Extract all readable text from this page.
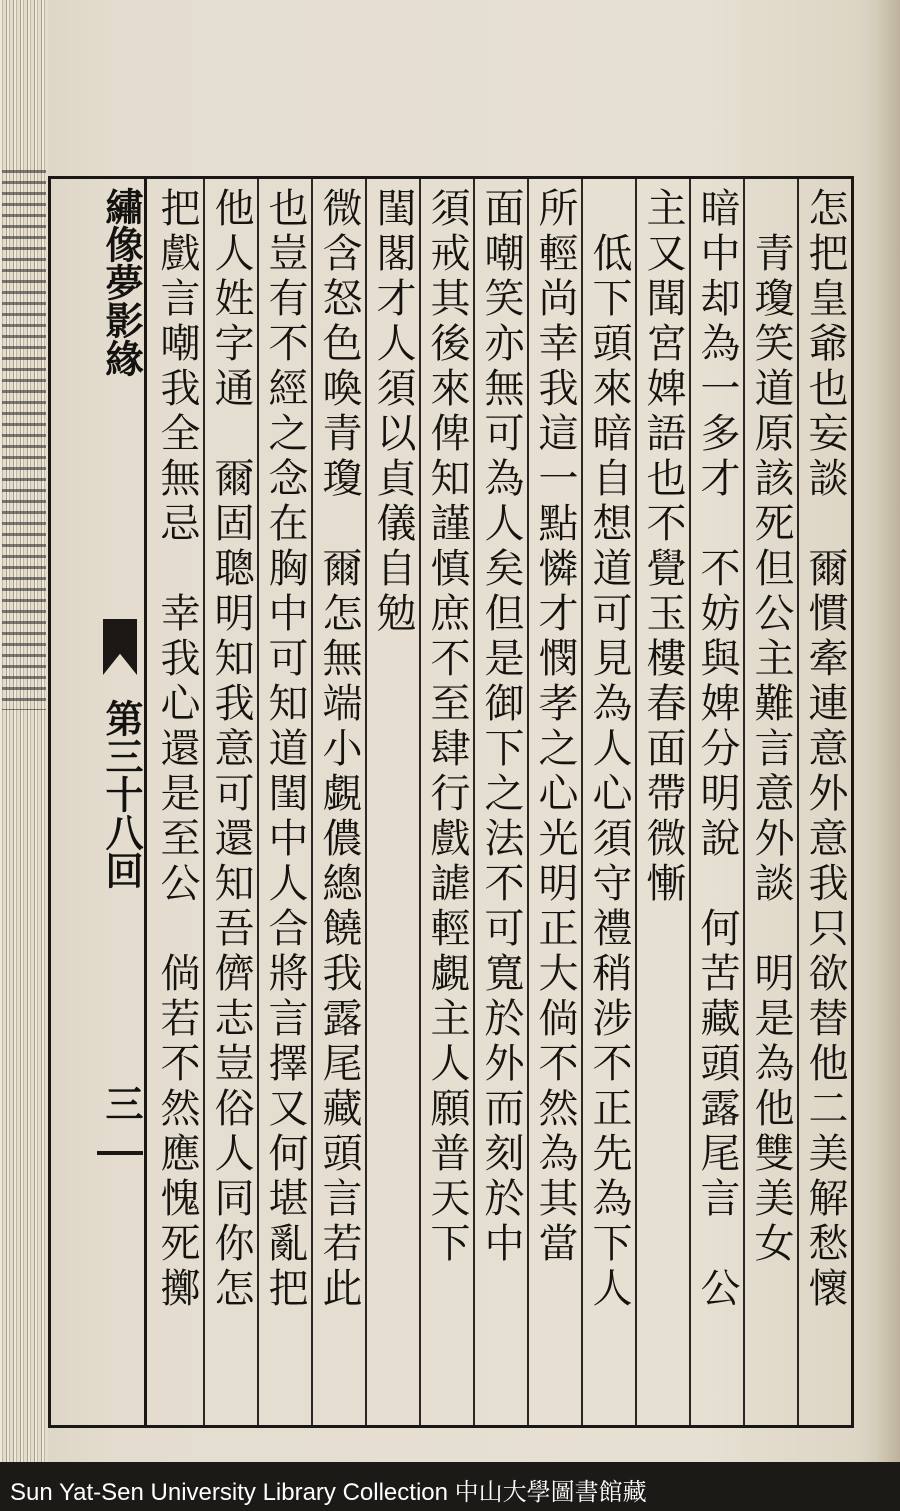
繡像夢影緣
第三十八回
三	怎把皇爺也妄談　爾慣牽連意外意我只欲替他二美解愁懷
　青瓊笑道原該死但公主難言意外談　明是為他雙美女
暗中却為一多才　不妨與婢分明說　何苦藏頭露尾言　公
主又聞宮婢語也不覺玉樓春面帶微慚
　低下頭來暗自想道可見為人心須守禮稍涉不正先為下人
所輕尚幸我這一點憐才憫孝之心光明正大倘不然為其當
面嘲笑亦無可為人矣但是御下之法不可寬於外而刻於中
須戒其後來俾知謹慎庶不至肆行戲謔輕覷主人願普天下
閨閣才人須以貞儀自勉
微含怒色喚青瓊　爾怎無端小覷儂總饒我露尾藏頭言若此
也豈有不經之念在胸中可知道閨中人合將言擇又何堪亂把
他人姓字通　爾固聰明知我意可還知吾儕志豈俗人同你怎
把戲言嘲我全無忌　幸我心還是至公　倘若不然應愧死擲
Sun Yat-Sen University Library Collection 中山大學圖書館藏
